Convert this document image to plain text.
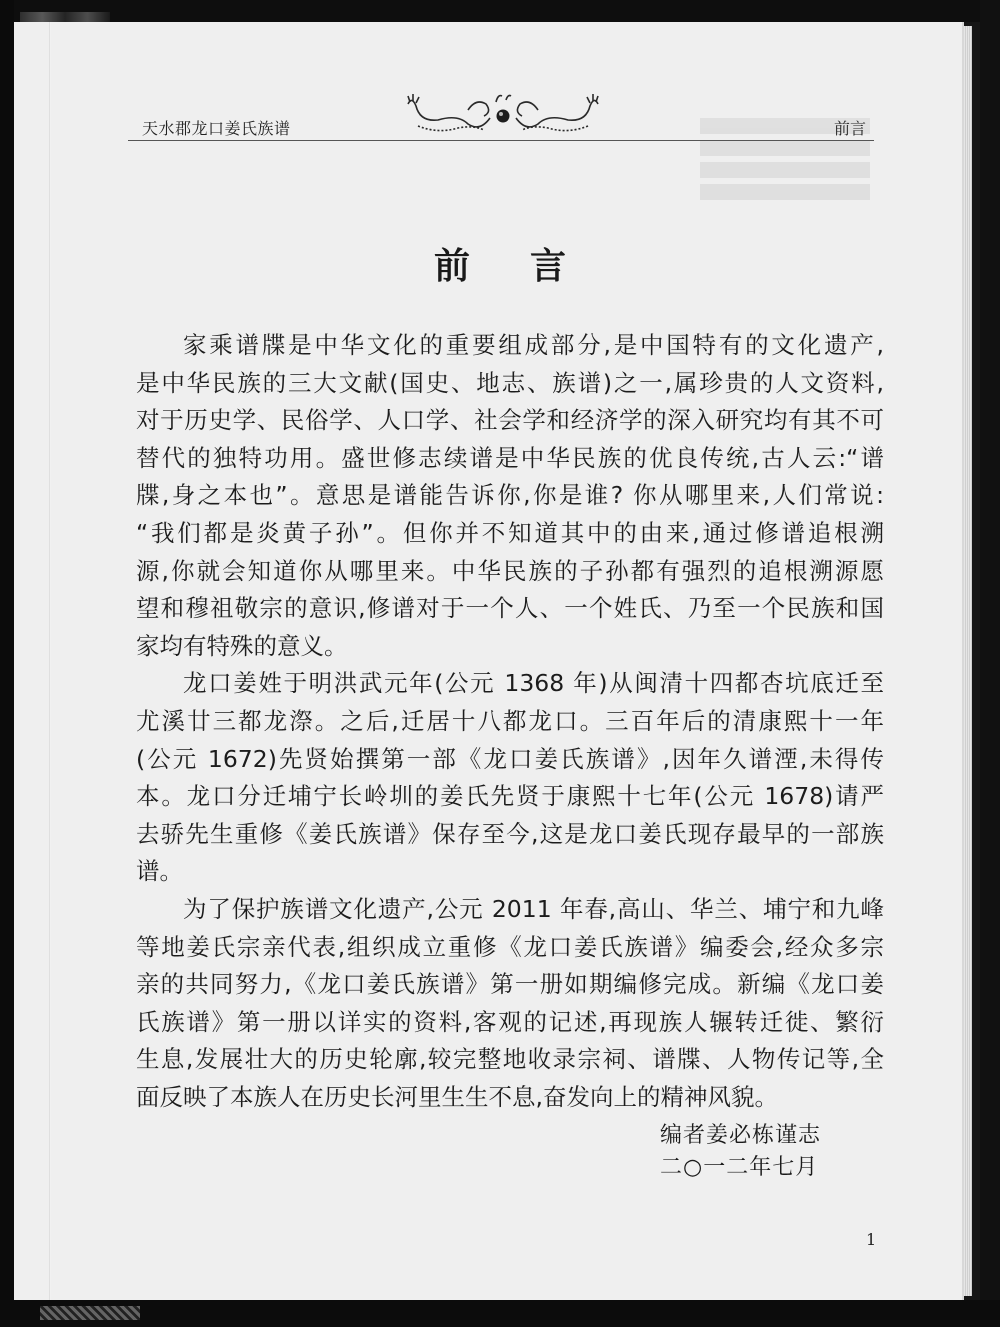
天水郡龙口姜氏族谱	前言
前言

家乘谱牒是中华文化的重要组成部分,是中国特有的文化遗产,
是中华民族的三大文献(国史、地志、族谱)之一,属珍贵的人文资料,
对于历史学、民俗学、人口学、社会学和经济学的深入研究均有其不可
替代的独特功用。盛世修志续谱是中华民族的优良传统,古人云:“谱
牒,身之本也”。意思是谱能告诉你,你是谁? 你从哪里来,人们常说:
“我们都是炎黄子孙”。但你并不知道其中的由来,通过修谱追根溯
源,你就会知道你从哪里来。中华民族的子孙都有强烈的追根溯源愿
望和穆祖敬宗的意识,修谱对于一个人、一个姓氏、乃至一个民族和国
家均有特殊的意义。

龙口姜姓于明洪武元年(公元 1368 年)从闽清十四都杏坑底迁至
尤溪廿三都龙漈。之后,迁居十八都龙口。三百年后的清康熙十一年
(公元 1672)先贤始撰第一部《龙口姜氏族谱》,因年久谱湮,未得传
本。龙口分迁埔宁长岭圳的姜氏先贤于康熙十七年(公元 1678)请严
去骄先生重修《姜氏族谱》保存至今,这是龙口姜氏现存最早的一部族
谱。

为了保护族谱文化遗产,公元 2011 年春,高山、华兰、埔宁和九峰
等地姜氏宗亲代表,组织成立重修《龙口姜氏族谱》编委会,经众多宗
亲的共同努力,《龙口姜氏族谱》第一册如期编修完成。新编《龙口姜
氏族谱》第一册以详实的资料,客观的记述,再现族人辗转迁徙、繁衍
生息,发展壮大的历史轮廓,较完整地收录宗祠、谱牒、人物传记等,全
面反映了本族人在历史长河里生生不息,奋发向上的精神风貌。

编者姜必栋谨志
二○一二年七月
1
